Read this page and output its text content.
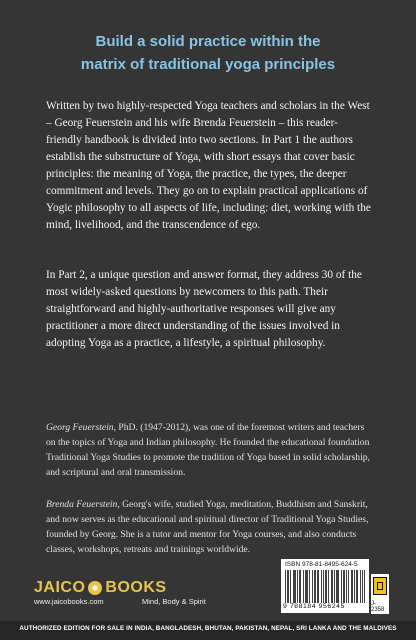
Build a solid practice within the
matrix of traditional yoga principles
Written by two highly-respected Yoga teachers and scholars in the West – Georg Feuerstein and his wife Brenda Feuerstein – this reader-friendly handbook is divided into two sections. In Part 1 the authors establish the substructure of Yoga, with short essays that cover basic principles: the meaning of Yoga, the practice, the types, the deeper commitment and levels. They go on to explain practical applications of Yogic philosophy to all aspects of life, including: diet, working with the mind, livelihood, and the transcendence of ego.
In Part 2, a unique question and answer format, they address 30 of the most widely-asked questions by newcomers to this path. Their straightforward and highly-authoritative responses will give any practitioner a more direct understanding of the issues involved in adopting Yoga as a practice, a lifestyle, a spiritual philosophy.
Georg Feuerstein, PhD. (1947-2012), was one of the foremost writers and teachers on the topics of Yoga and Indian philosophy. He founded the educational foundation Traditional Yoga Studies to promote the tradition of Yoga based in solid scholarship, and scriptural and oral transmission.
Brenda Feuerstein, Georg's wife, studied Yoga, meditation, Buddhism and Sanskrit, and now serves as the educational and spiritual director of Traditional Yoga Studies, founded by Georg. She is a tutor and mentor for Yoga courses, and also conducts classes, workshops, retreats and trainings worldwide.
JAICO BOOKS
www.jaicobooks.com	Mind, Body & Spirit
ISBN 978-81-8495-624-5
9 788184 956245	J-2358
AUTHORIZED EDITION FOR SALE IN INDIA, BANGLADESH, BHUTAN, PAKISTAN, NEPAL, SRI LANKA AND THE MALDIVES
